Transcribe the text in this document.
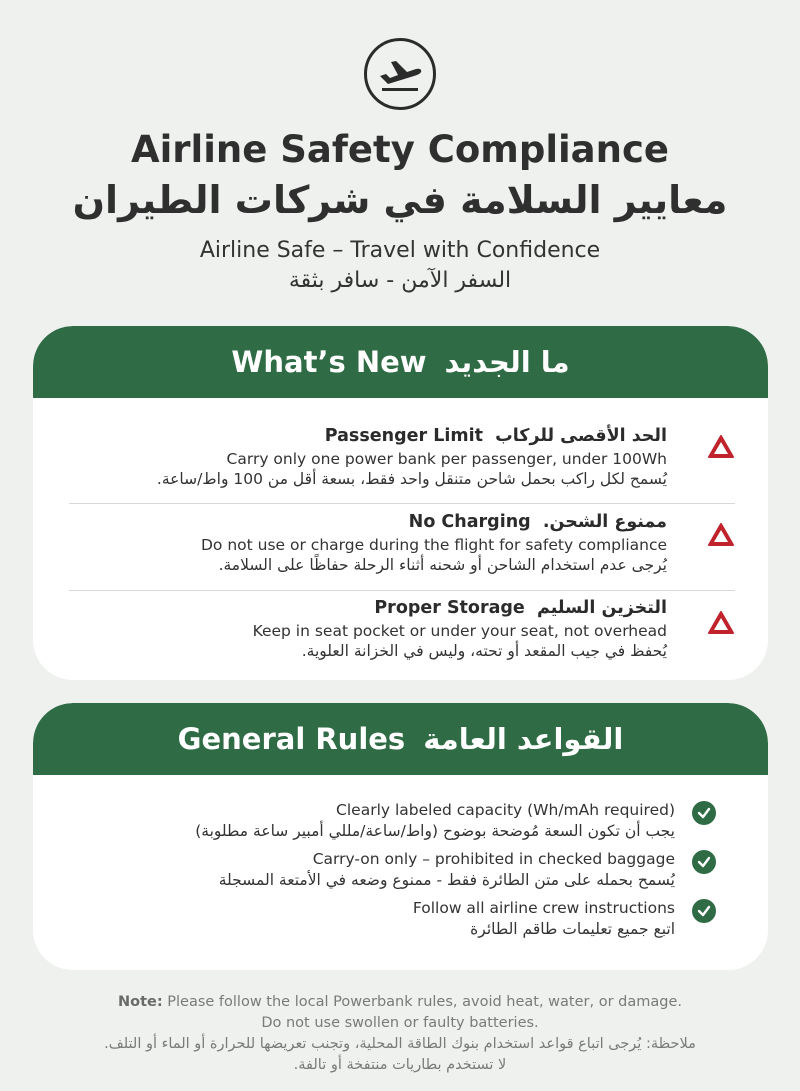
Airline Safety Compliance
معايير السلامة في شركات الطيران
Airline Safe – Travel with Confidence
السفر الآمن - سافر بثقة
What’s New ما الجديد
Passenger Limit الحد الأقصى للركاب
Carry only one power bank per passenger, under 100Wh
يُسمح لكل راكب بحمل شاحن متنقل واحد فقط، بسعة أقل من 100 واط/ساعة.
No Charging .ممنوع الشحن
Do not use or charge during the flight for safety compliance
يُرجى عدم استخدام الشاحن أو شحنه أثناء الرحلة حفاظًا على السلامة.
Proper Storage التخزين السليم
Keep in seat pocket or under your seat, not overhead
يُحفظ في جيب المقعد أو تحته، وليس في الخزانة العلوية.
General Rules القواعد العامة
Clearly labeled capacity (Wh/mAh required)
يجب أن تكون السعة مُوضحة بوضوح (واط/ساعة/مللي أمبير ساعة مطلوبة)
Carry-on only – prohibited in checked baggage
يُسمح بحمله على متن الطائرة فقط - ممنوع وضعه في الأمتعة المسجلة
Follow all airline crew instructions
اتبع جميع تعليمات طاقم الطائرة
Note: Please follow the local Powerbank rules, avoid heat, water, or damage.
Do not use swollen or faulty batteries.
ملاحظة: يُرجى اتباع قواعد استخدام بنوك الطاقة المحلية، وتجنب تعريضها للحرارة أو الماء أو التلف.
لا تستخدم بطاريات منتفخة أو تالفة.
